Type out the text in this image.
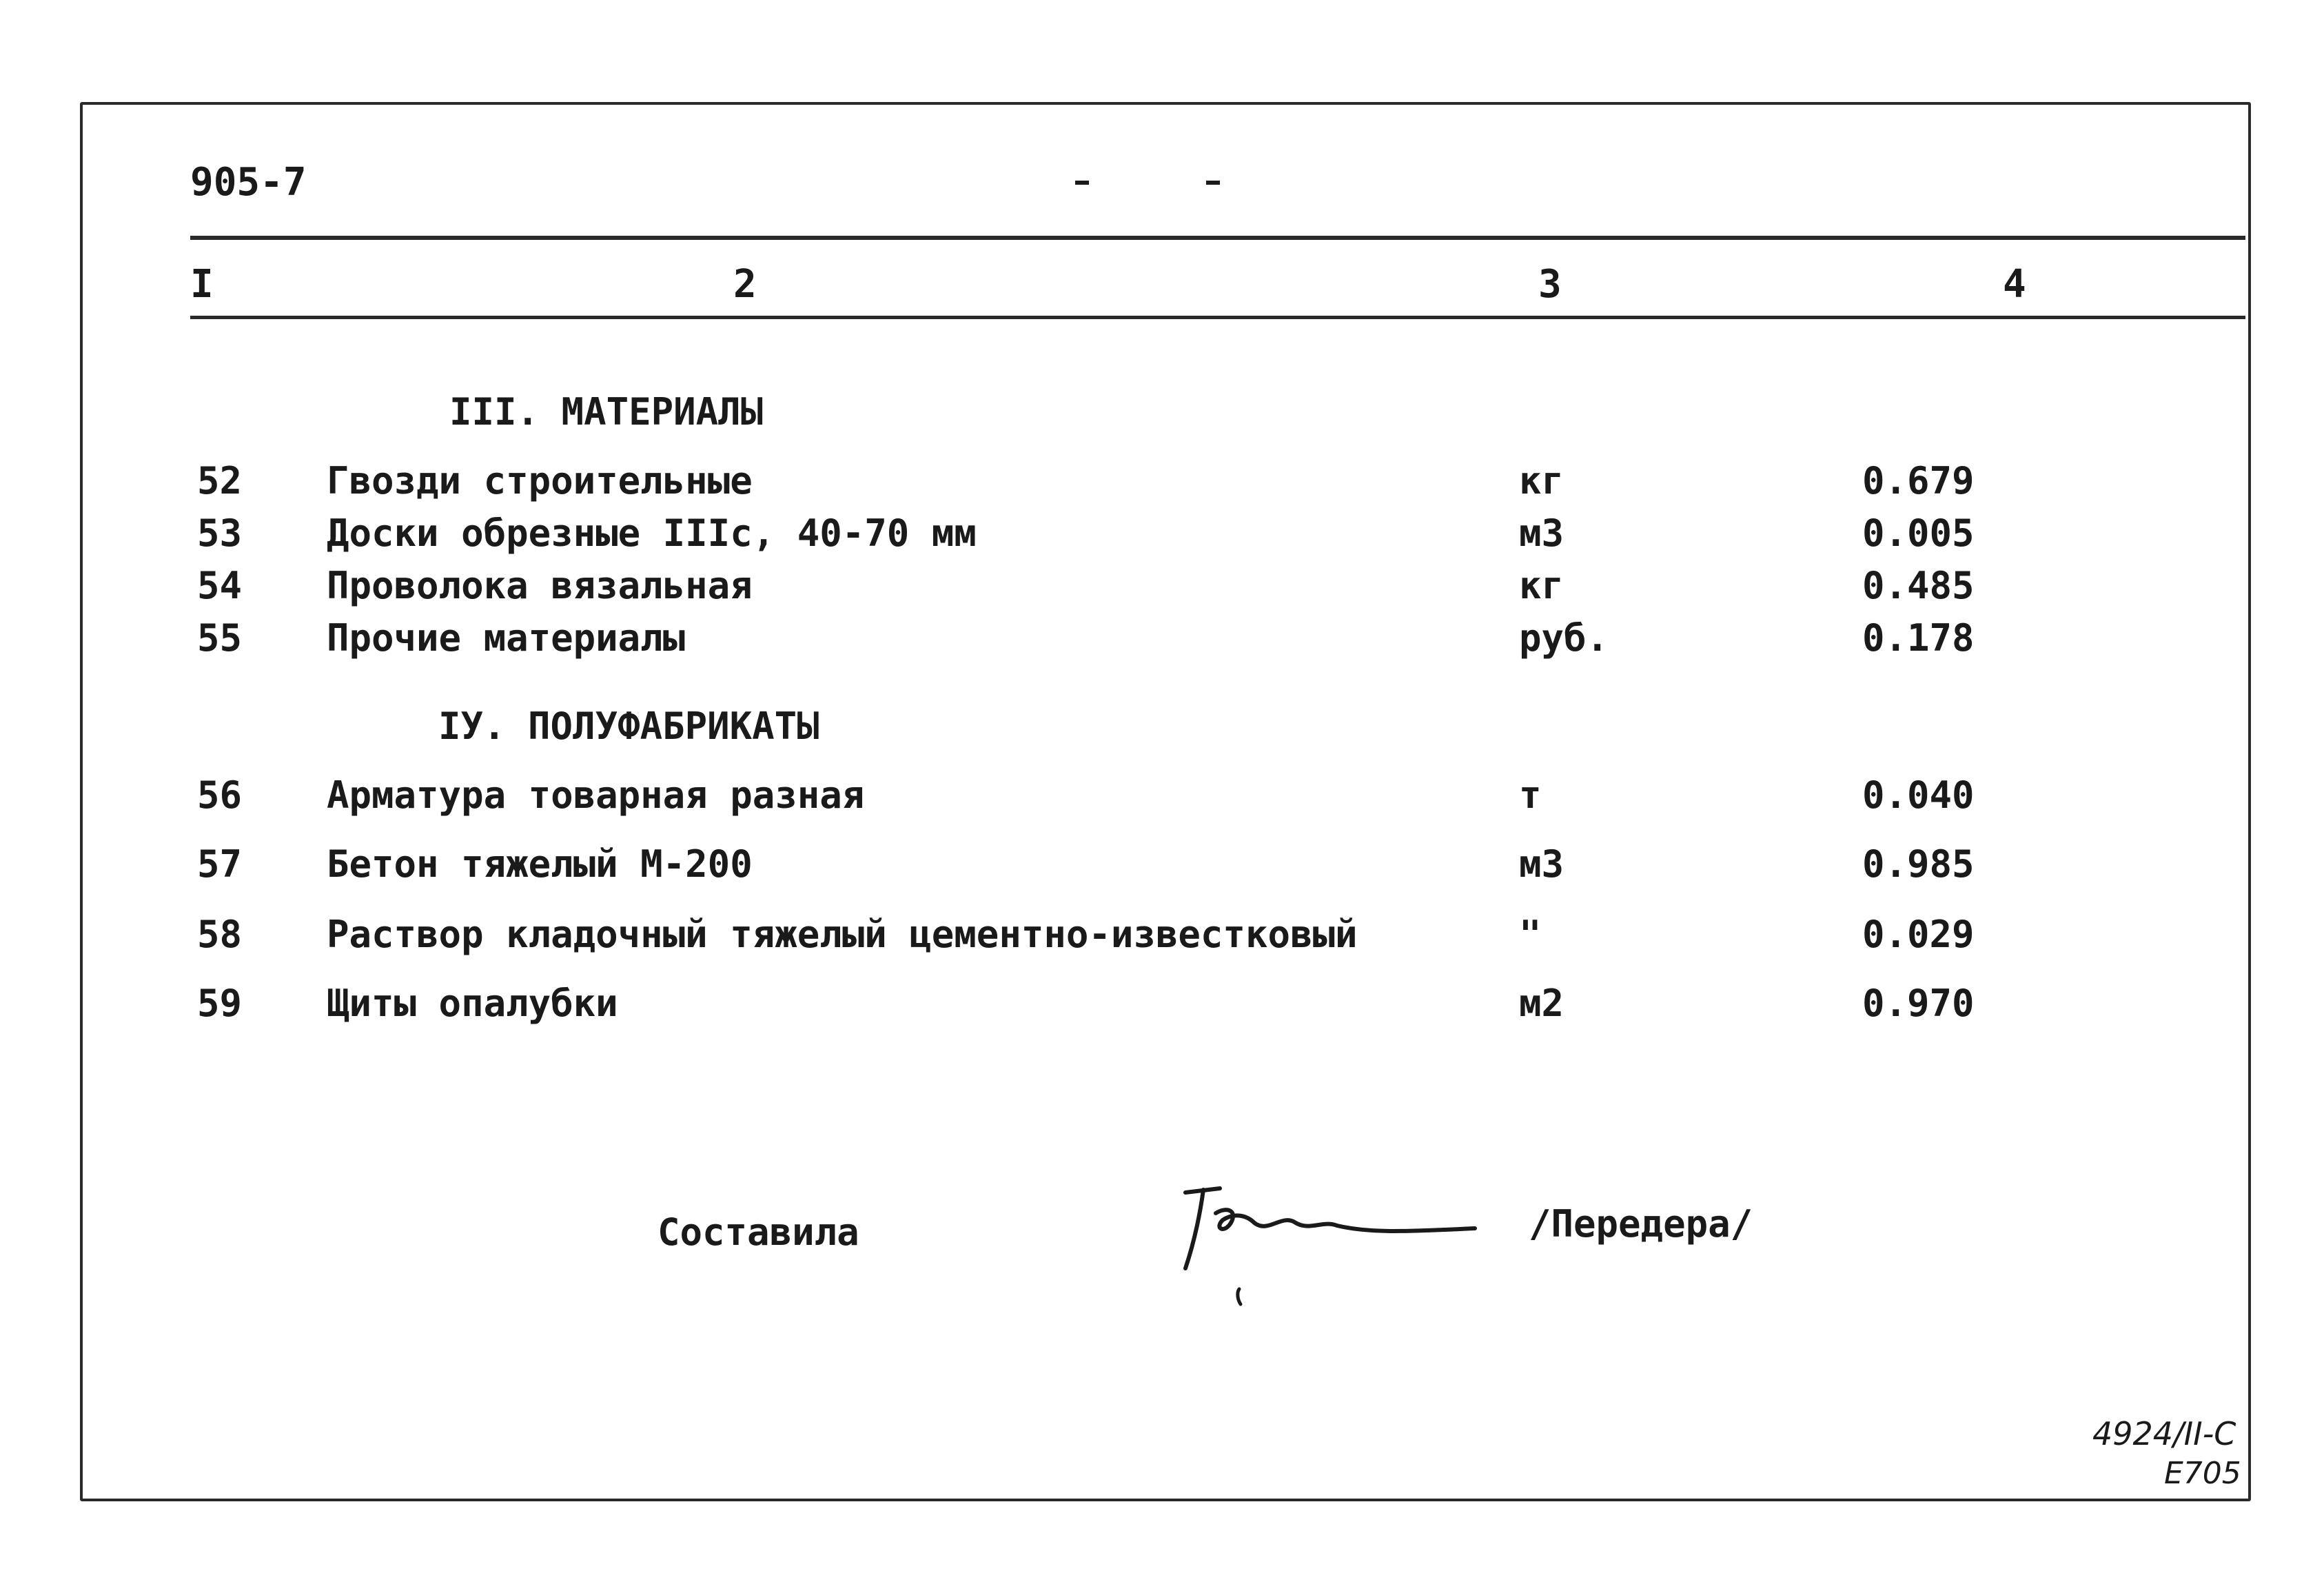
905-7
I	2	3	4
III. МАТЕРИАЛЫ
52 Гвозди строительные	кг	0.679
53 Доски обрезные IIIс, 40-70 мм	м3	0.005
54 Проволока вязальная	кг	0.485
55 Прочие материалы	руб.	0.178
IУ. ПОЛУФАБРИКАТЫ
56 Арматура товарная разная	т	0.040
57 Бетон тяжелый М-200	м3	0.985
58 Раствор кладочный тяжелый цементно-известковый	"	0.029
59 Щиты опалубки	м2	0.970
Составила	/Передера/
4924/II-С
Е705
